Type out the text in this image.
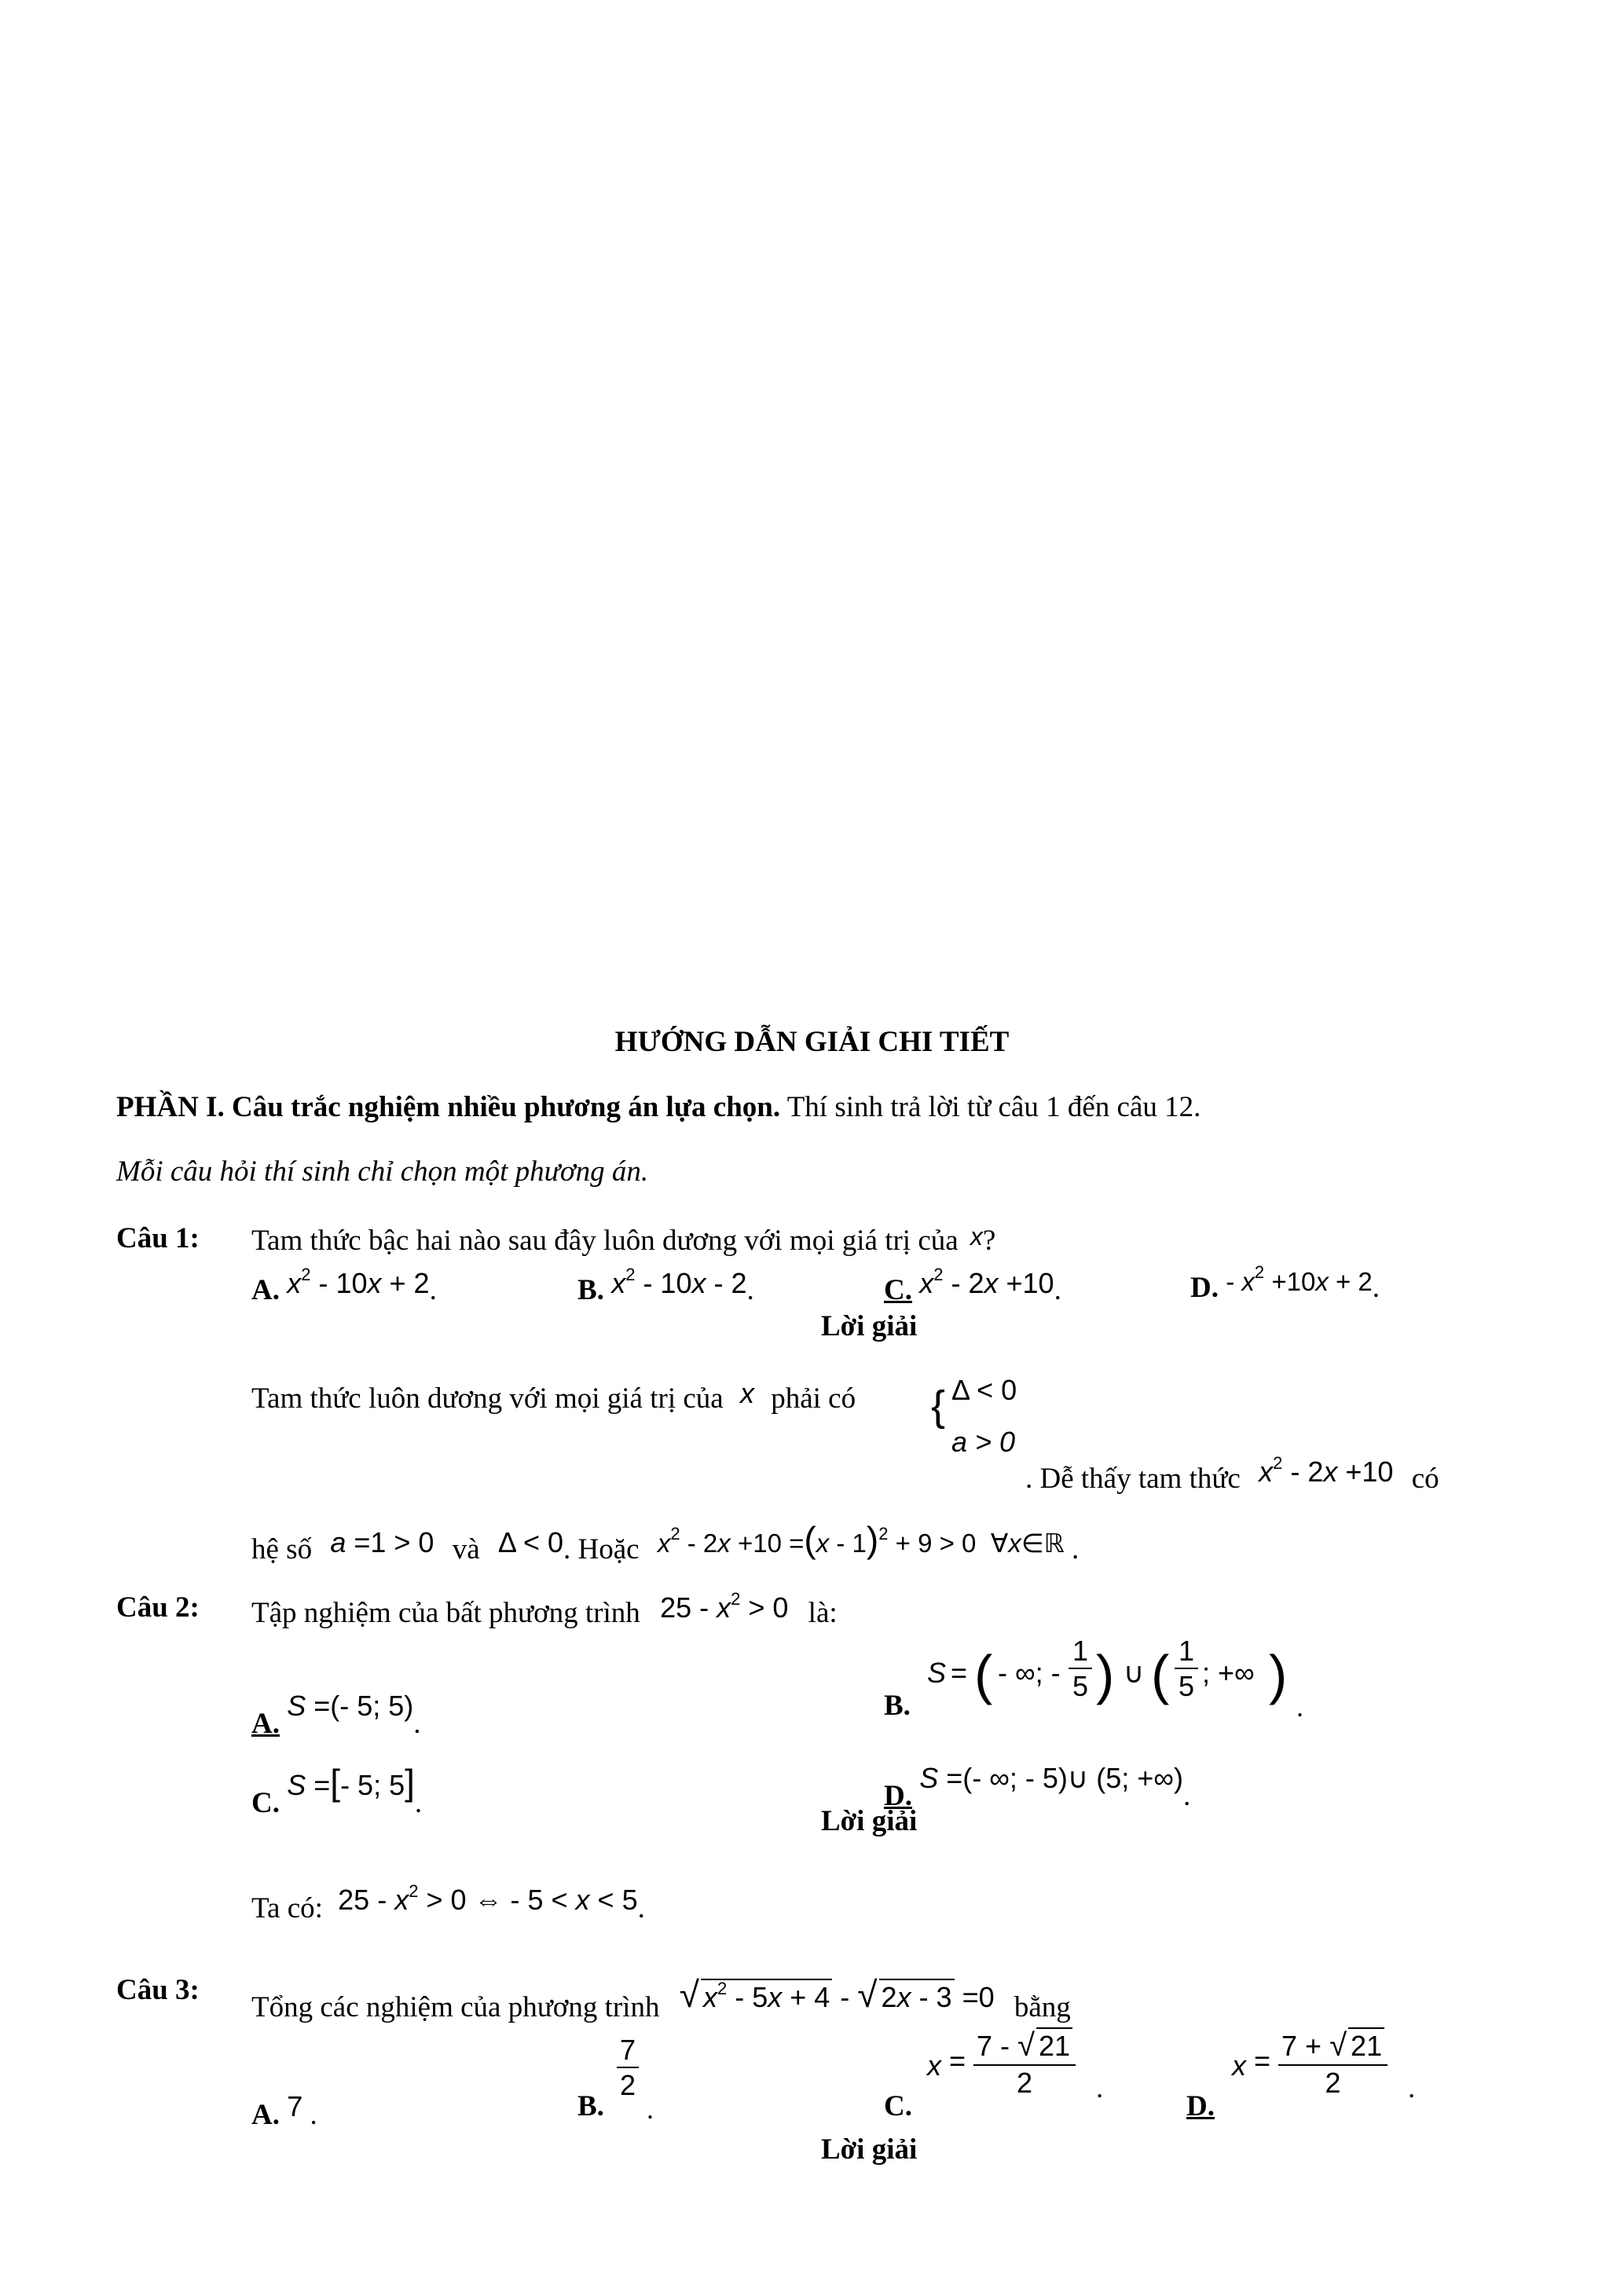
HƯỚNG DẪN GIẢI CHI TIẾT
PHẦN I. Câu trắc nghiệm nhiều phương án lựa chọn. Thí sinh trả lời từ câu 1 đến câu 12.
Mỗi câu hỏi thí sinh chỉ chọn một phương án.
Câu 1: Tam thức bậc hai nào sau đây luôn dương với mọi giá trị của x?
A. $x^2 - 10x + 2$.	B. $x^2 - 10x - 2$.	C. $x^2 - 2x +10$.	D. - $x^2 +10x + 2$.
Lời giải
Tam thức luôn dương với mọi giá trị của x phải có { Δ < 0
a > 0
. Dễ thấy tam thức $x^2 - 2x +10$ có
hệ số a =1 > 0 và Δ < 0. Hoặc $x^2 - 2x +10 =(x - 1)^2 + 9 > 0$  ∀x∈ℝ .
Câu 2: Tập nghiệm của bất phương trình $25 - x^2 > 0$ là:
A. S =(- 5; 5).
B.
S = ( - ∞; -
1
5 ) ∪ ( 1
5 ; +∞ )
.
C. S =[- 5; 5].	D. S =(- ∞; - 5)∪ (5; +∞).
Lời giải
Ta có: $25 - x^2 > 0$ ⇔ - 5 < x < 5.
Câu 3:
Tổng các nghiệm của phương trình √ $x^2 - 5x + 4$ - √ 2x - 3 =0 bằng
A. 7 .	B.
$\frac{7}{2}$
.	C.
$x = \frac{7 - √ 21}{2}$ .
D.
$x = \frac{7 + √ 21}{2}$ .
Lời giải
